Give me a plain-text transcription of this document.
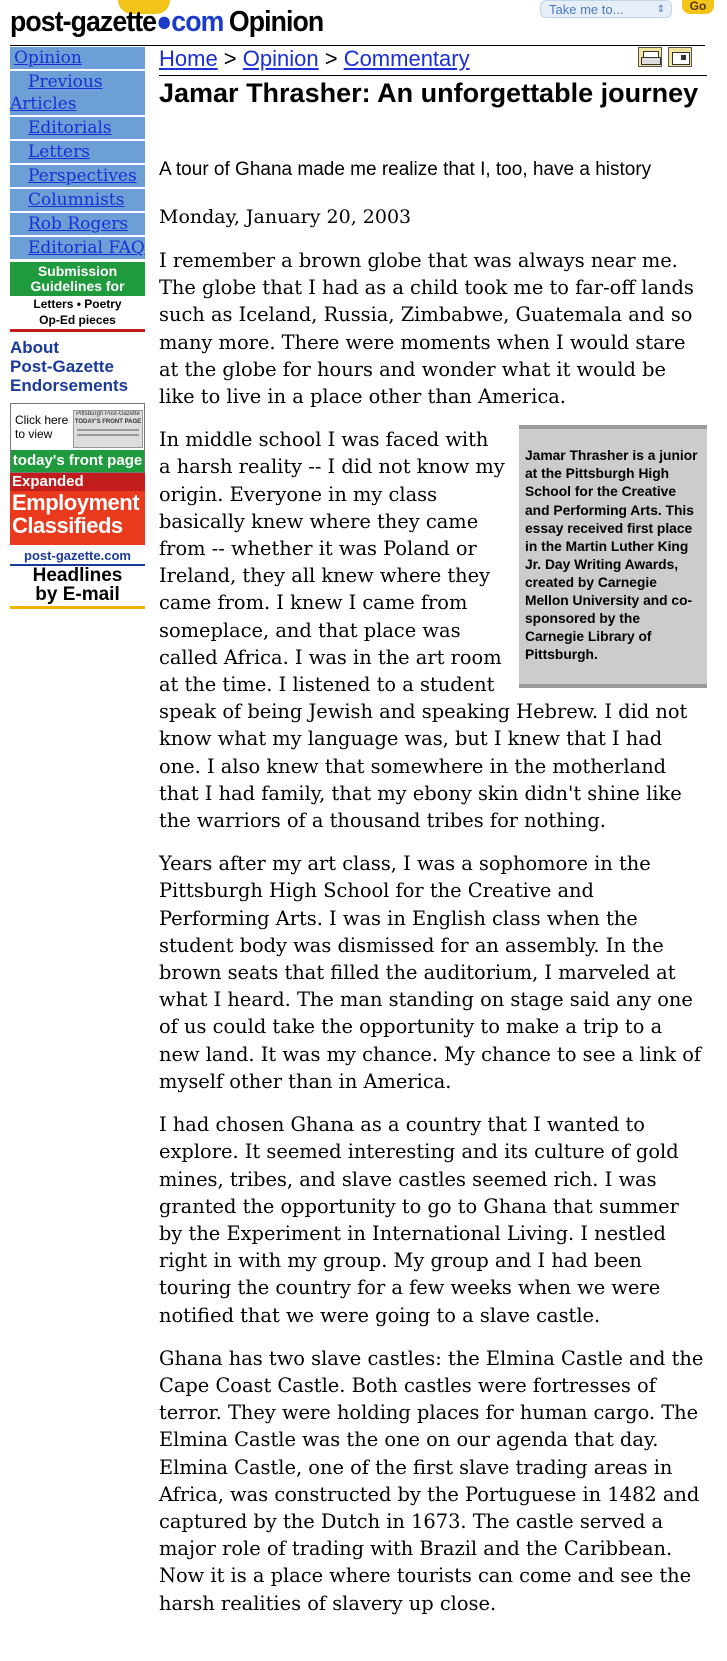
post-gazette●com Opinion	Take me to...	⇕	Go
Opinion
Previous
Articles
Editorials
Letters
Perspectives
Columnists
Rob Rogers
Editorial FAQ
Submission
Guidelines for
Letters • Poetry
Op-Ed pieces
About
Post-Gazette
Endorsements
Click here
to view
Pittsburgh Post-Gazette
TODAY'S FRONT PAGE
today's front page
Expanded
Employment
Classifieds
post-gazette.com
Headlines
by E-mail
Home > Opinion > Commentary
Jamar Thrasher: An unforgettable journey
A tour of Ghana made me realize that I, too, have a history
Monday, January 20, 2003

I remember a brown globe that was always near me. The globe that I had as a child took me to far-off lands such as Iceland, Russia, Zimbabwe, Guatemala and so many more. There were moments when I would stare at the globe for hours and wonder what it would be like to live in a place other than America.

Jamar Thrasher is a junior at the Pittsburgh High School for the Creative and Performing Arts. This essay received first place in the Martin Luther King Jr. Day Writing Awards, created by Carnegie Mellon University and co-sponsored by the Carnegie Library of Pittsburgh.

In middle school I was faced with a harsh reality -- I did not know my origin. Everyone in my class basically knew where they came from -- whether it was Poland or Ireland, they all knew where they came from. I knew I came from someplace, and that place was called Africa. I was in the art room at the time. I listened to a student speak of being Jewish and speaking Hebrew. I did not know what my language was, but I knew that I had one. I also knew that somewhere in the motherland that I had family, that my ebony skin didn't shine like the warriors of a thousand tribes for nothing.

Years after my art class, I was a sophomore in the Pittsburgh High School for the Creative and Performing Arts. I was in English class when the student body was dismissed for an assembly. In the brown seats that filled the auditorium, I marveled at what I heard. The man standing on stage said any one of us could take the opportunity to make a trip to a new land. It was my chance. My chance to see a link of myself other than in America.

I had chosen Ghana as a country that I wanted to explore. It seemed interesting and its culture of gold mines, tribes, and slave castles seemed rich. I was granted the opportunity to go to Ghana that summer by the Experiment in International Living. I nestled right in with my group. My group and I had been touring the country for a few weeks when we were notified that we were going to a slave castle.

Ghana has two slave castles: the Elmina Castle and the Cape Coast Castle. Both castles were fortresses of terror. They were holding places for human cargo. The Elmina Castle was the one on our agenda that day. Elmina Castle, one of the first slave trading areas in Africa, was constructed by the Portuguese in 1482 and captured by the Dutch in 1673. The castle served a major role of trading with Brazil and the Caribbean. Now it is a place where tourists can come and see the harsh realities of slavery up close.
